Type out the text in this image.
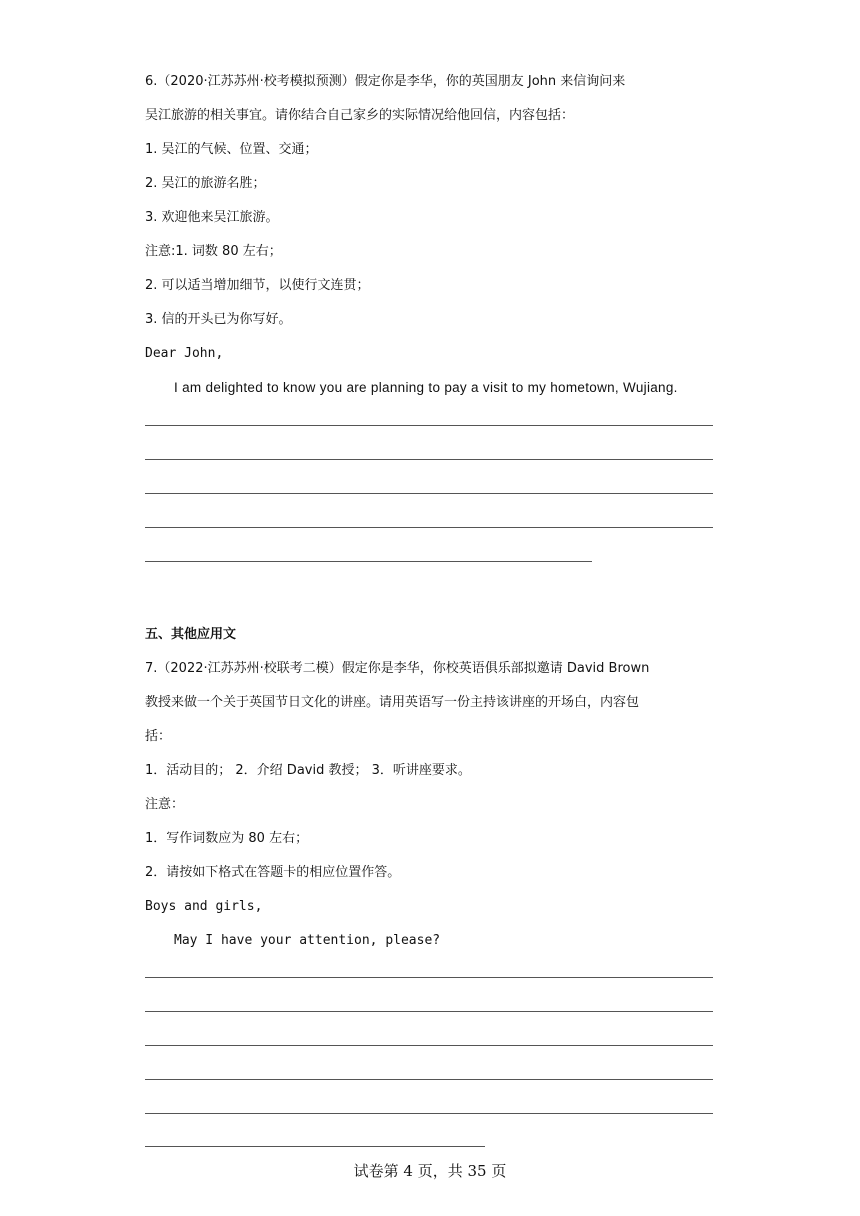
6.（2020·江苏苏州·校考模拟预测）假定你是李华，你的英国朋友 John 来信询问来
吴江旅游的相关事宜。请你结合自己家乡的实际情况给他回信，内容包括：
1. 吴江的气候、位置、交通；
2. 吴江的旅游名胜；
3. 欢迎他来吴江旅游。
注意:1. 词数 80 左右；
2. 可以适当增加细节，以使行文连贯；
3. 信的开头已为你写好。
Dear John,
I am delighted to know you are planning to pay a visit to my hometown, Wujiang.
五、其他应用文
7.（2022·江苏苏州·校联考二模）假定你是李华，你校英语俱乐部拟邀请 David Brown
教授来做一个关于英国节日文化的讲座。请用英语写一份主持该讲座的开场白，内容包
括：
1．活动目的； 2．介绍 David 教授； 3．听讲座要求。
注意：
1．写作词数应为 80 左右；
2．请按如下格式在答题卡的相应位置作答。
Boys and girls,
May I have your attention, please?
试卷第 4 页，共 35 页
